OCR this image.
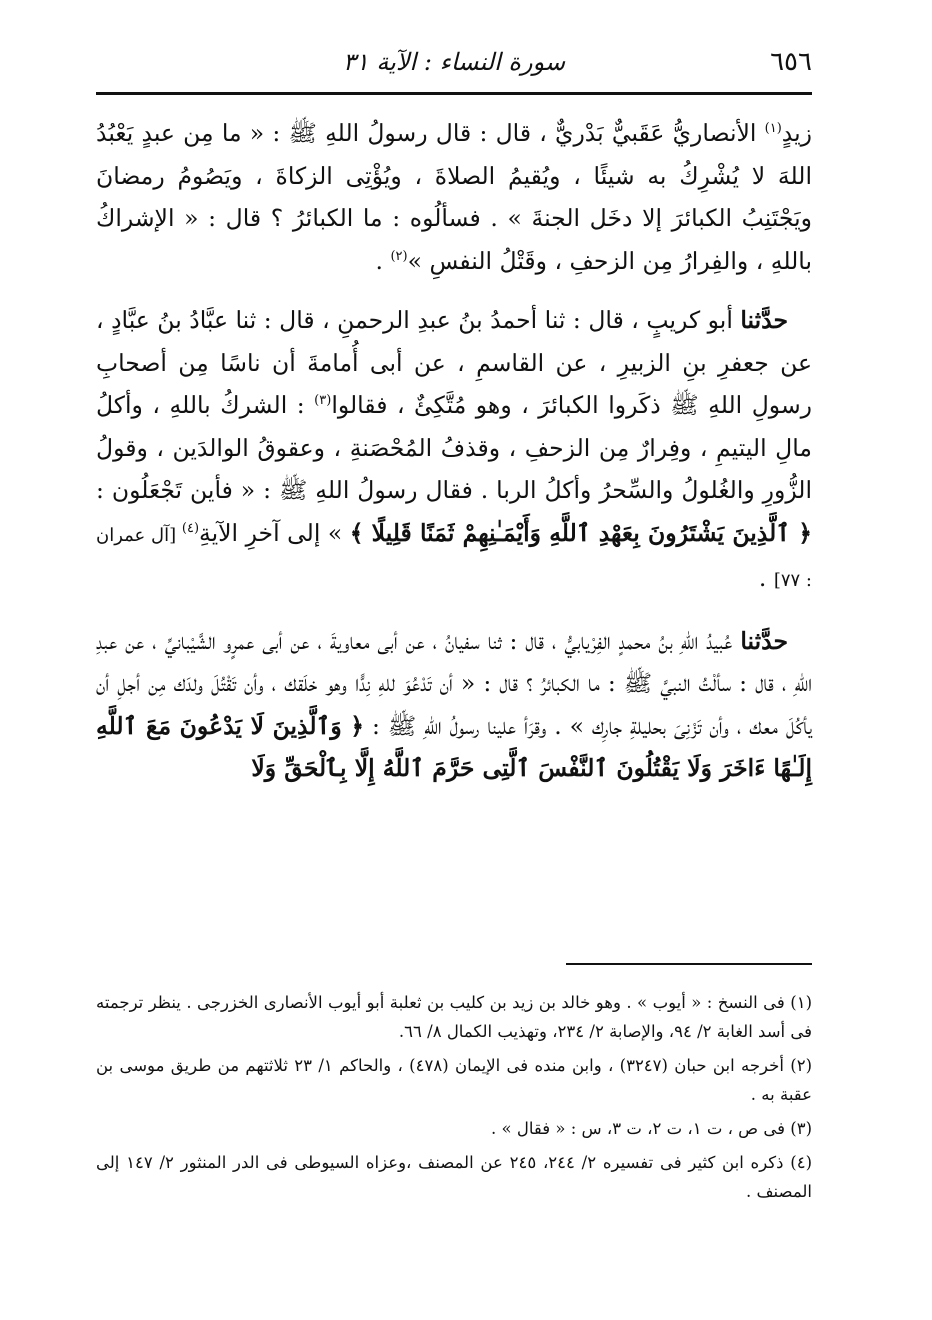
٦٥٦
سورة النساء : الآية ٣١

زيدٍ$^{(١)}$ الأنصاريُّ عَقَبيٌّ بَدْريٌّ ، قال : قال رسولُ اللهِ ﷺ : « ما مِن عبدٍ يَعْبُدُ اللهَ لا يُشْرِكُ به شيئًا ، ويُقيمُ الصلاةَ ، ويُؤْتِى الزكاةَ ، ويَصُومُ رمضانَ ويَجْتَنِبُ الكبائرَ إلا دخَل الجنةَ » . فسألُوه : ما الكبائرُ ؟ قال : « الإشراكُ باللهِ ، والفِرارُ مِن الزحفِ ، وقَتْلُ النفسِ »$^{(٢)}$ .

حدَّثنا أبو كريبٍ ، قال : ثنا أحمدُ بنُ عبدِ الرحمنِ ، قال : ثنا عبَّادُ بنُ عبَّادٍ ، عن جعفرِ بنِ الزبيرِ ، عن القاسمِ ، عن أبى أُمامةَ أن ناسًا مِن أصحابِ رسولِ اللهِ ﷺ ذكَروا الكبائرَ ، وهو مُتَّكِئٌ ، فقالوا$^{(٣)}$ : الشركُ باللهِ ، وأكلُ مالِ اليتيمِ ، وفِرارٌ مِن الزحفِ ، وقذفُ المُحْصَنةِ ، وعقوقُ الوالدَين ، وقولُ الزُّورِ والغُلولُ والسِّحرُ وأكلُ الربا . فقال رسولُ اللهِ ﷺ : « فأين تَجْعَلُون : ﴿ ٱلَّذِينَ يَشْتَرُونَ بِعَهْدِ ٱللَّهِ وَأَيْمَـٰنِهِمْ ثَمَنًا قَلِيلًا ﴾ » إلى آخرِ الآيةِ$^{(٤)}$ [آل عمران : ٧٧] .

حدَّثنا عُبيدُ اللهِ بنُ محمدٍ الفِرْيابيُّ ، قال : ثنا سفيانُ ، عن أبى معاويةَ ، عن أبى عمرٍو الشَّيْبانيِّ ، عن عبدِ اللهِ ، قال : سألْتُ النبيَّ ﷺ : ما الكبائرُ ؟ قال : « أن تَدْعُوَ للهِ نِدًّا وهو خلَقك ، وأن تَقْتُلَ ولدَك مِن أجلِ أن يأكُلَ معك ، وأن تَزْنِىَ بحليلةِ جارِك » . وقرَأ علينا رسولُ اللهِ ﷺ : ﴿ وَٱلَّذِينَ لَا يَدْعُونَ مَعَ ٱللَّهِ إِلَـٰهًا ءَاخَرَ وَلَا يَقْتُلُونَ ٱلنَّفْسَ ٱلَّتِى حَرَّمَ ٱللَّهُ إِلَّا بِٱلْحَقِّ وَلَا

(١) فى النسخ : « أيوب » . وهو خالد بن زيد بن كليب بن ثعلبة أبو أيوب الأنصارى الخزرجى . ينظر ترجمته فى أسد الغابة ٢/ ٩٤، والإصابة ٢/ ٢٣٤، وتهذيب الكمال ٨/ ٦٦.

(٢) أخرجه ابن حبان (٣٢٤٧) ، وابن منده فى الإيمان (٤٧٨) ، والحاكم ١/ ٢٣ ثلاثتهم من طريق موسى بن عقبة به .

(٣) فى ص ، ت ١، ت ٢، ت ٣، س : « فقال » .

(٤) ذكره ابن كثير فى تفسيره ٢/ ٢٤٤، ٢٤٥ عن المصنف ،وعزاه السيوطى فى الدر المنثور ٢/ ١٤٧ إلى المصنف .
